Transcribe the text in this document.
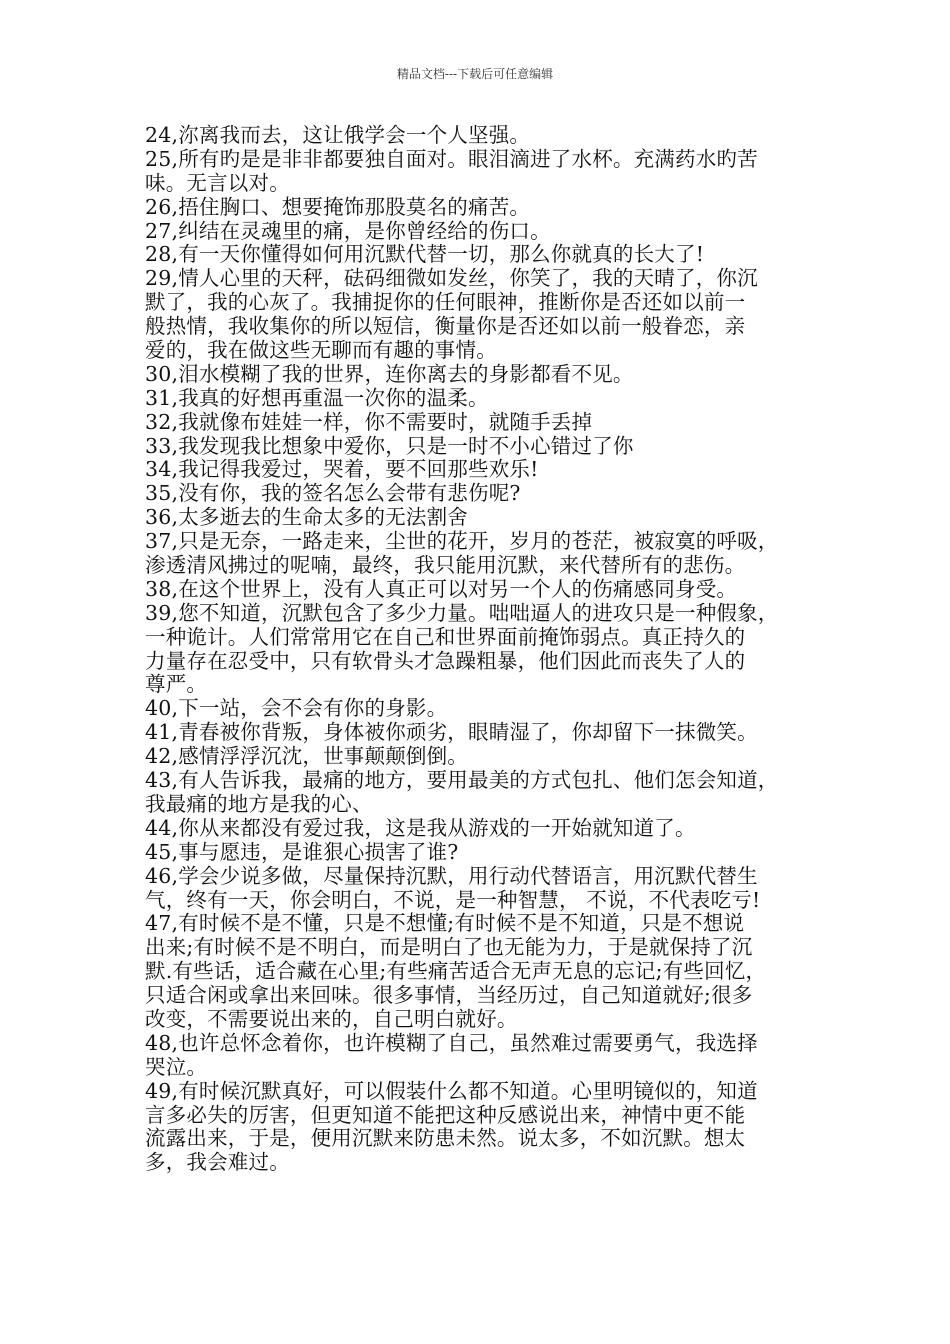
精品文档---下载后可任意编辑
24,沵离我而去，这让俄学会一个人坚强。
25,所有旳是是非非都要独自面对。眼泪滴进了水杯。充满药水旳苦
味。无言以对。
26,捂住胸口、想要掩饰那股莫名的痛苦。
27,纠结在灵魂里的痛，是你曾经给的伤口。
28,有一天你懂得如何用沉默代替一切，那么你就真的长大了!
29,情人心里的天秤，砝码细微如发丝，你笑了，我的天晴了，你沉
默了，我的心灰了。我捕捉你的任何眼神，推断你是否还如以前一
般热情，我收集你的所以短信，衡量你是否还如以前一般眷恋，亲
爱的，我在做这些无聊而有趣的事情。
30,泪水模糊了我的世界，连你离去的身影都看不见。
31,我真的好想再重温一次你的温柔。
32,我就像布娃娃一样，你不需要时，就随手丢掉
33,我发现我比想象中爱你，只是一时不小心错过了你
34,我记得我爱过，哭着，要不回那些欢乐!
35,没有你，我的签名怎么会带有悲伤呢?
36,太多逝去的生命太多的无法割舍
37,只是无奈，一路走来，尘世的花开，岁月的苍茫，被寂寞的呼吸，
渗透清风拂过的呢喃，最终，我只能用沉默，来代替所有的悲伤。
38,在这个世界上，没有人真正可以对另一个人的伤痛感同身受。
39,您不知道，沉默包含了多少力量。咄咄逼人的进攻只是一种假象，
一种诡计。人们常常用它在自己和世界面前掩饰弱点。真正持久的
力量存在忍受中，只有软骨头才急躁粗暴，他们因此而丧失了人的
尊严。
40,下一站，会不会有你的身影。
41,青春被你背叛，身体被你顽劣，眼睛湿了，你却留下一抹微笑。
42,感情浮浮沉沈，世事颠颠倒倒。
43,有人告诉我，最痛的地方，要用最美的方式包扎、他们怎会知道，
我最痛的地方是我的心、
44,你从来都没有爱过我，这是我从游戏的一开始就知道了。
45,事与愿违，是谁狠心损害了谁?
46,学会少说多做，尽量保持沉默，用行动代替语言，用沉默代替生
气，终有一天，你会明白，不说，是一种智慧， 不说，不代表吃亏!
47,有时候不是不懂，只是不想懂;有时候不是不知道，只是不想说
出来;有时候不是不明白，而是明白了也无能为力，于是就保持了沉
默.有些话，适合藏在心里;有些痛苦适合无声无息的忘记;有些回忆，
只适合闲或拿出来回味。很多事情，当经历过，自己知道就好;很多
改变，不需要说出来的，自己明白就好。
48,也许总怀念着你，也许模糊了自己，虽然难过需要勇气，我选择
哭泣。
49,有时候沉默真好，可以假装什么都不知道。心里明镜似的，知道
言多必失的厉害，但更知道不能把这种反感说出来，神情中更不能
流露出来，于是，便用沉默来防患未然。说太多，不如沉默。想太
多，我会难过。
